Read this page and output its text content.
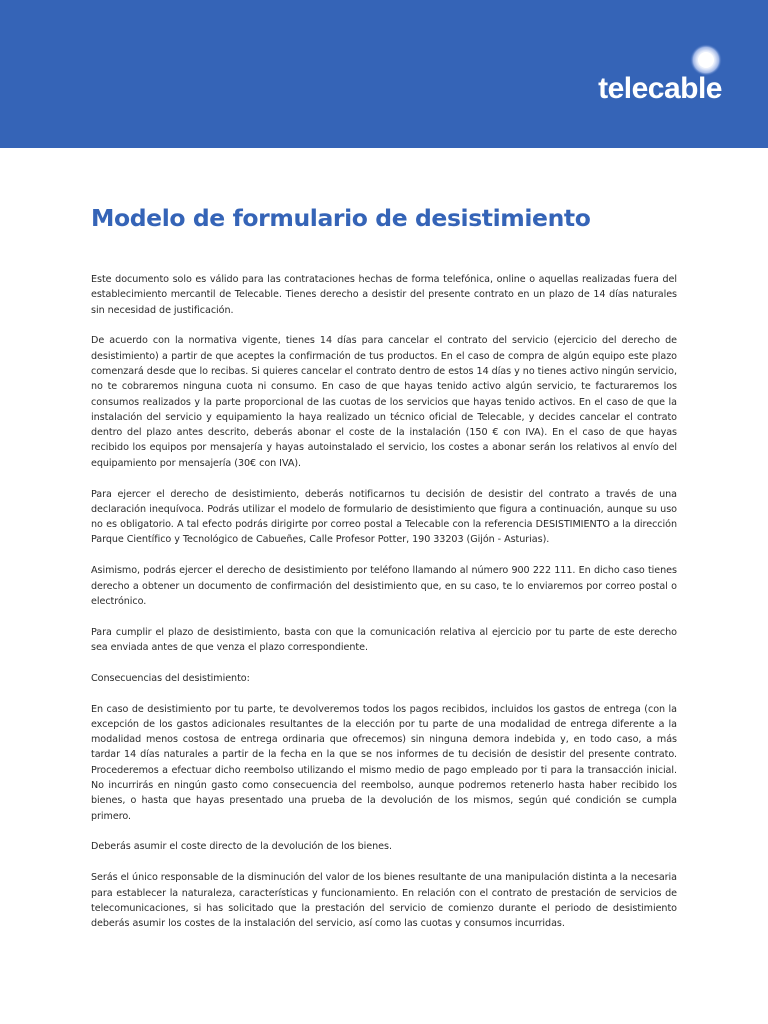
telecable
Modelo de formulario de desistimiento

Este documento solo es válido para las contrataciones hechas de forma telefónica, online o aquellas realizadas fuera del establecimiento mercantil de Telecable. Tienes derecho a desistir del presente contrato en un plazo de 14 días naturales sin necesidad de justificación.

De acuerdo con la normativa vigente, tienes 14 días para cancelar el contrato del servicio (ejercicio del derecho de desistimiento) a partir de que aceptes la confirmación de tus productos. En el caso de compra de algún equipo este plazo comenzará desde que lo recibas. Si quieres cancelar el contrato dentro de estos 14 días y no tienes activo ningún servicio, no te cobraremos ninguna cuota ni consumo. En caso de que hayas tenido activo algún servicio, te facturaremos los consumos realizados y la parte proporcional de las cuotas de los servicios que hayas tenido activos. En el caso de que la instalación del servicio y equipamiento la haya realizado un técnico oficial de Telecable, y decides cancelar el contrato dentro del plazo antes descrito, deberás abonar el coste de la instalación (150 € con IVA). En el caso de que hayas recibido los equipos por mensajería y hayas autoinstalado el servicio, los costes a abonar serán los relativos al envío del equipamiento por mensajería (30€ con IVA).

Para ejercer el derecho de desistimiento, deberás notificarnos tu decisión de desistir del contrato a través de una declaración inequívoca. Podrás utilizar el modelo de formulario de desistimiento que figura a continuación, aunque su uso no es obligatorio. A tal efecto podrás dirigirte por correo postal a Telecable con la referencia DESISTIMIENTO a la dirección Parque Científico y Tecnológico de Cabueñes, Calle Profesor Potter, 190 33203 (Gijón - Asturias).

Asimismo, podrás ejercer el derecho de desistimiento por teléfono llamando al número 900 222 111. En dicho caso tienes derecho a obtener un documento de confirmación del desistimiento que, en su caso, te lo enviaremos por correo postal o electrónico.

Para cumplir el plazo de desistimiento, basta con que la comunicación relativa al ejercicio por tu parte de este derecho sea enviada antes de que venza el plazo correspondiente.

Consecuencias del desistimiento:

En caso de desistimiento por tu parte, te devolveremos todos los pagos recibidos, incluidos los gastos de entrega (con la excepción de los gastos adicionales resultantes de la elección por tu parte de una modalidad de entrega diferente a la modalidad menos costosa de entrega ordinaria que ofrecemos) sin ninguna demora indebida y, en todo caso, a más tardar 14 días naturales a partir de la fecha en la que se nos informes de tu decisión de desistir del presente contrato. Procederemos a efectuar dicho reembolso utilizando el mismo medio de pago empleado por ti para la transacción inicial. No incurrirás en ningún gasto como consecuencia del reembolso, aunque podremos retenerlo hasta haber recibido los bienes, o hasta que hayas presentado una prueba de la devolución de los mismos, según qué condición se cumpla primero.

Deberás asumir el coste directo de la devolución de los bienes.

Serás el único responsable de la disminución del valor de los bienes resultante de una manipulación distinta a la necesaria para establecer la naturaleza, características y funcionamiento. En relación con el contrato de prestación de servicios de telecomunicaciones, si has solicitado que la prestación del servicio de comienzo durante el periodo de desistimiento deberás asumir los costes de la instalación del servicio, así como las cuotas y consumos incurridas.
